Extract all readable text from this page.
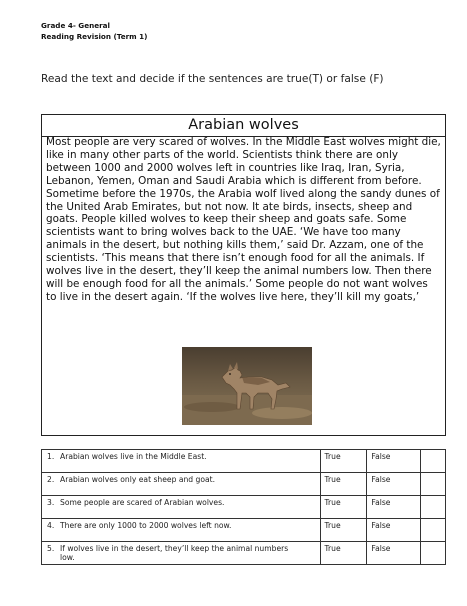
Grade 4- General
Reading Revision (Term 1)
Read the text and decide if the sentences are true(T) or false (F)
Arabian wolves

Most people are very scared of wolves. In the Middle East wolves might die, like in many other parts of the world. Scientists think there are only between 1000 and 2000 wolves left in countries like Iraq, Iran, Syria, Lebanon, Yemen, Oman and Saudi Arabia which is different from before. Sometime before the 1970s, the Arabia wolf lived along the sandy dunes of the United Arab Emirates, but not now. It ate birds, insects, sheep and goats. People killed wolves to keep their sheep and goats safe. Some scientists want to bring wolves back to the UAE. ‘We have too many animals in the desert, but nothing kills them,’ said Dr. Azzam, one of the scientists. ‘This means that there isn’t enough food for all the animals. If wolves live in the desert, they’ll keep the animal numbers low. Then there will be enough food for all the animals.’ Some people do not want wolves to live in the desert again. ‘If the wolves live here, they’ll kill my goats,’

1. Arabian wolves live in the Middle East.	True	False	
2. Arabian wolves only eat sheep and goat.	True	False	
3. Some people are scared of Arabian wolves.	True	False	
4. There are only 1000 to 2000 wolves left now.	True	False	
5. If wolves live in the desert, they’ll keep the animal numbers low.	True	False	
